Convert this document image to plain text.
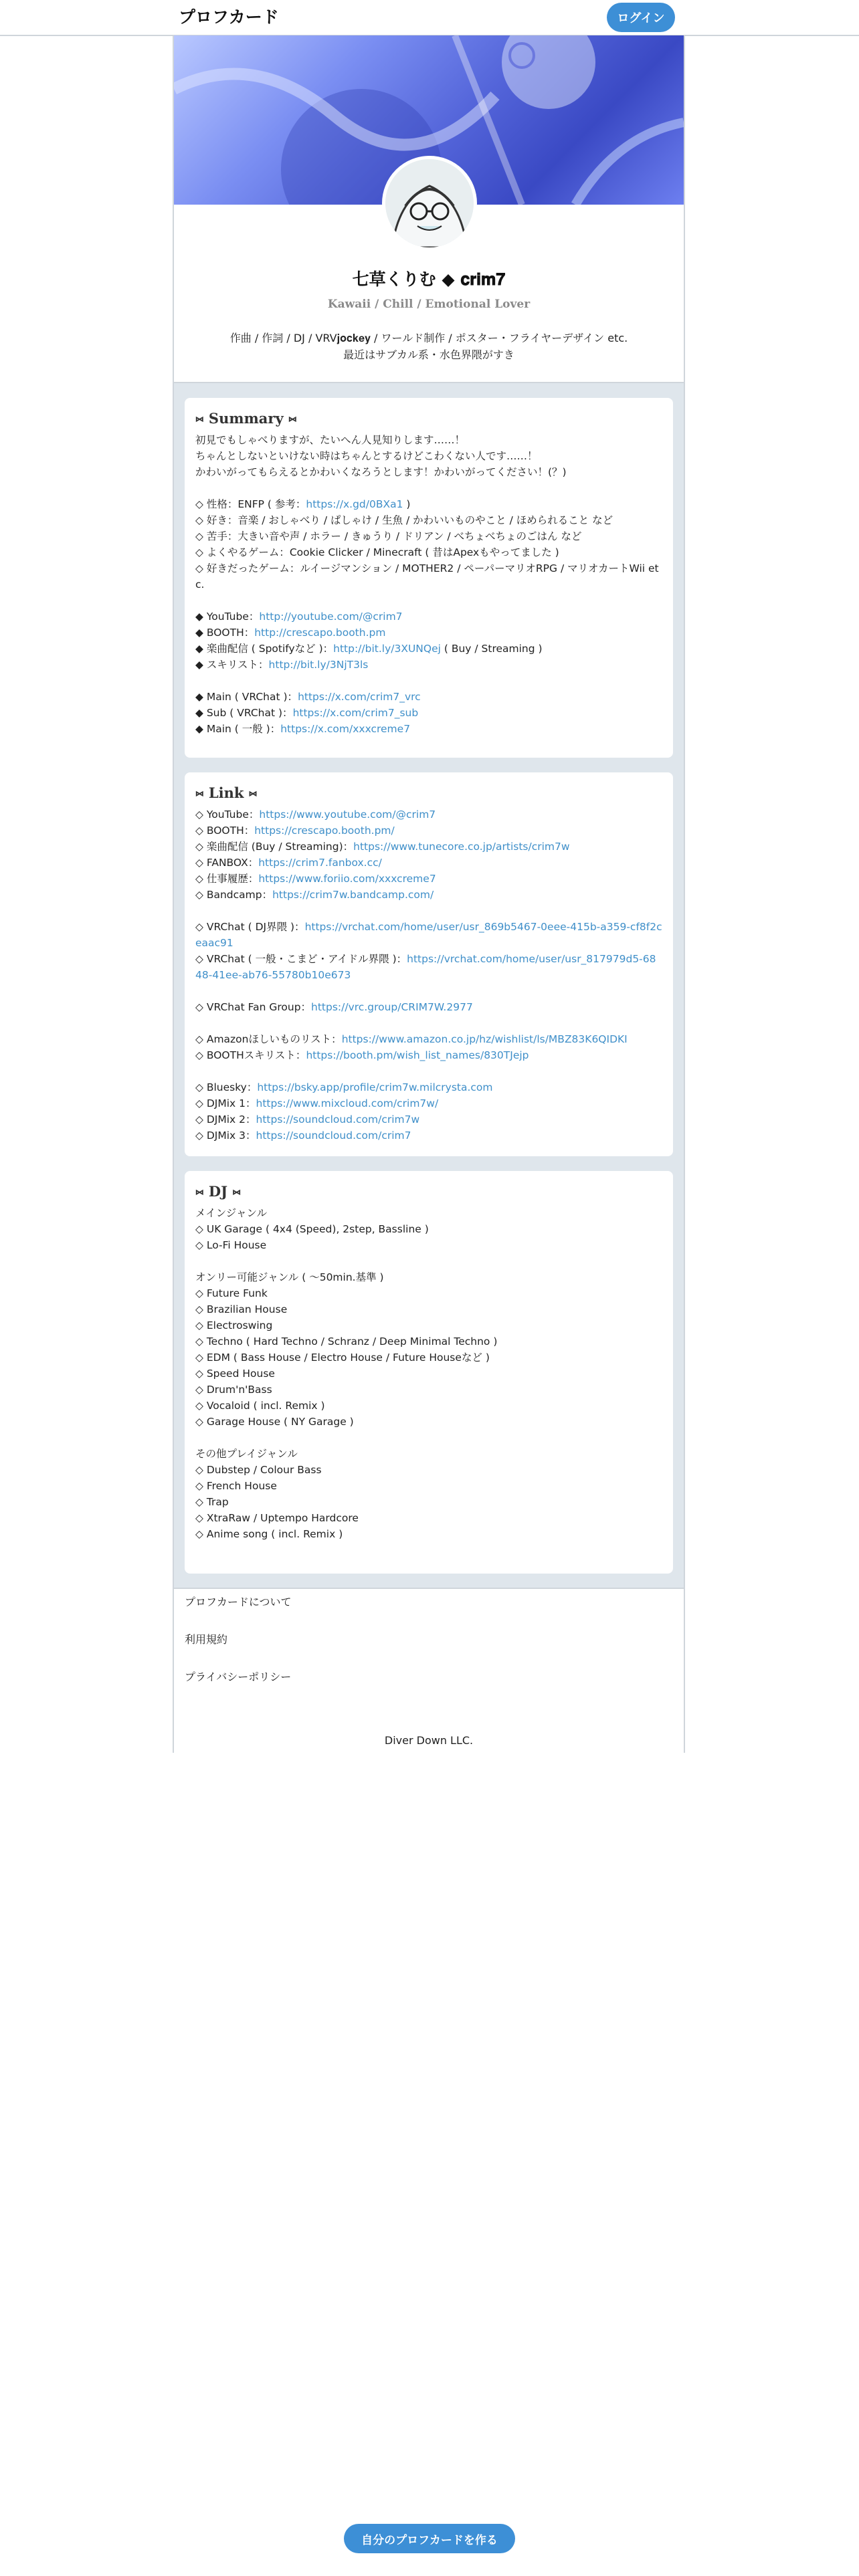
プロフカード	ログイン
七草くりむ ◆ 𝐜𝐫𝐢𝐦𝟕
Kawaii / Chill / Emotional Lover
作曲 / 作詞 / DJ / VRV𝐣𝐨𝐜𝐤𝐞𝐲 / ワールド制作 / ポスター・フライヤーデザイン etc.
最近はサブカル系・水色界隈がすき
⑅ Summary ⑅
初見でもしゃべりますが、たいへん人見知りします……！
ちゃんとしないといけない時はちゃんとするけどこわくない人です……！
かわいがってもらえるとかわいくなろうとします！かわいがってください！(？)
◇ 性格：ENFP ( 参考：https://x.gd/0BXa1 )
◇ 好き：音楽 / おしゃべり / ぱしゃけ / 生魚 / かわいいものやこと / ほめられること など
◇ 苦手：大きい音や声 / ホラー / きゅうり / ドリアン / べちょべちょのごはん など
◇ よくやるゲーム：Cookie Clicker / Minecraft ( 昔はApexもやってました )
◇ 好きだったゲーム：ルイージマンション / MOTHER2 / ペーパーマリオRPG / マリオカートWii etc.
◆ YouTube：http://youtube.com/@crim7
◆ BOOTH：http://crescapo.booth.pm
◆ 楽曲配信 ( Spotifyなど )：http://bit.ly/3XUNQej ( Buy / Streaming )
◆ スキリスト：http://bit.ly/3NjT3ls
◆ Main ( VRChat )：https://x.com/crim7_vrc
◆ Sub ( VRChat )：https://x.com/crim7_sub
◆ Main ( 一般 )：https://x.com/xxxcreme7
⑅ Link ⑅
◇ YouTube：https://www.youtube.com/@crim7
◇ BOOTH：https://crescapo.booth.pm/
◇ 楽曲配信 (Buy / Streaming)：https://www.tunecore.co.jp/artists/crim7w
◇ FANBOX：https://crim7.fanbox.cc/
◇ 仕事履歴：https://www.foriio.com/xxxcreme7
◇ Bandcamp：https://crim7w.bandcamp.com/
◇ VRChat ( DJ界隈 )：https://vrchat.com/home/user/usr_869b5467-0eee-415b-a359-cf8f2ceaac91
◇ VRChat ( 一般・こまど・アイドル界隈 )：https://vrchat.com/home/user/usr_817979d5-6848-41ee-ab76-55780b10e673
◇ VRChat Fan Group：https://vrc.group/CRIM7W.2977
◇ Amazonほしいものリスト：https://www.amazon.co.jp/hz/wishlist/ls/MBZ83K6QIDKI
◇ BOOTHスキリスト：https://booth.pm/wish_list_names/830TJejp
◇ Bluesky：https://bsky.app/profile/crim7w.milcrysta.com
◇ DJMix 1：https://www.mixcloud.com/crim7w/
◇ DJMix 2：https://soundcloud.com/crim7w
◇ DJMix 3：https://soundcloud.com/crim7
⑅ DJ ⑅
メインジャンル
◇ UK Garage ( 4x4 (Speed), 2step, Bassline )
◇ Lo-Fi House
オンリー可能ジャンル ( 〜50min.基準 )
◇ Future Funk
◇ Brazilian House
◇ Electroswing
◇ Techno ( Hard Techno / Schranz / Deep Minimal Techno )
◇ EDM ( Bass House / Electro House / Future Houseなど )
◇ Speed House
◇ Drum'n'Bass
◇ Vocaloid ( incl. Remix )
◇ Garage House ( NY Garage )
その他プレイジャンル
◇ Dubstep / Colour Bass
◇ French House
◇ Trap
◇ XtraRaw / Uptempo Hardcore
◇ Anime song ( incl. Remix )
プロフカードについて
利用規約
プライバシーポリシー
Diver Down LLC.
自分のプロフカードを作る
